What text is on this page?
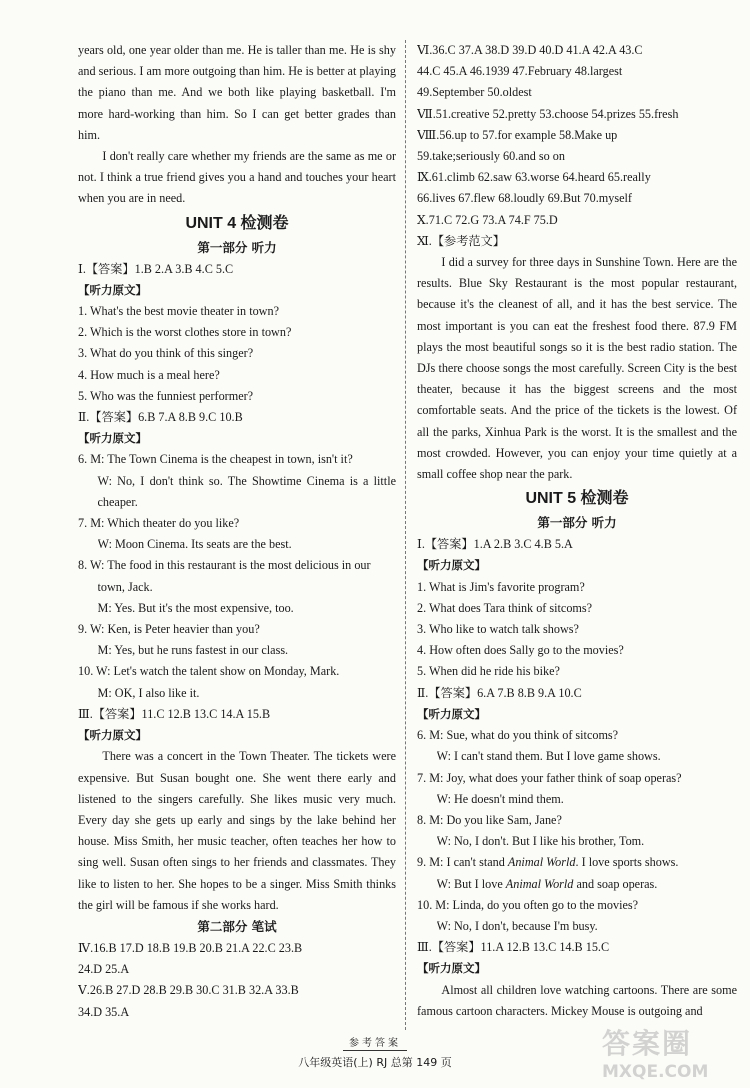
years old, one year older than me. He is taller than me. He is shy and serious. I am more outgoing than him. He is better at playing the piano than me. And we both like playing basketball. I'm more hard-working than him. So I can get better grades than him.
I don't really care whether my friends are the same as me or not. I think a true friend gives you a hand and touches your heart when you are in need.
UNIT 4 检测卷
第一部分 听力
Ⅰ.【答案】1.B 2.A 3.B 4.C 5.C
【听力原文】
1. What's the best movie theater in town?
2. Which is the worst clothes store in town?
3. What do you think of this singer?
4. How much is a meal here?
5. Who was the funniest performer?
Ⅱ.【答案】6.B 7.A 8.B 9.C 10.B
【听力原文】
6. M: The Town Cinema is the cheapest in town, isn't it?
W: No, I don't think so. The Showtime Cinema is a little cheaper.
7. M: Which theater do you like?
W: Moon Cinema. Its seats are the best.
8. W: The food in this restaurant is the most delicious in our
town, Jack.
M: Yes. But it's the most expensive, too.
9. W: Ken, is Peter heavier than you?
M: Yes, but he runs fastest in our class.
10. W: Let's watch the talent show on Monday, Mark.
M: OK, I also like it.
Ⅲ.【答案】11.C 12.B 13.C 14.A 15.B
【听力原文】
There was a concert in the Town Theater. The tickets were expensive. But Susan bought one. She went there early and listened to the singers carefully. She likes music very much. Every day she gets up early and sings by the lake behind her house. Miss Smith, her music teacher, often teaches her how to sing well. Susan often sings to her friends and classmates. They like to listen to her. She hopes to be a singer. Miss Smith thinks the girl will be famous if she works hard.
第二部分 笔试
Ⅳ.16.B 17.D 18.B 19.B 20.B 21.A 22.C 23.B
24.D 25.A
Ⅴ.26.B 27.D 28.B 29.B 30.C 31.B 32.A 33.B
34.D 35.A
Ⅵ.36.C 37.A 38.D 39.D 40.D 41.A 42.A 43.C
44.C 45.A 46.1939 47.February 48.largest
49.September 50.oldest
Ⅶ.51.creative 52.pretty 53.choose 54.prizes 55.fresh
Ⅷ.56.up to 57.for example 58.Make up
59.take;seriously 60.and so on
Ⅸ.61.climb 62.saw 63.worse 64.heard 65.really
66.lives 67.flew 68.loudly 69.But 70.myself
Ⅹ.71.C 72.G 73.A 74.F 75.D
Ⅺ.【参考范文】
I did a survey for three days in Sunshine Town. Here are the results. Blue Sky Restaurant is the most popular restaurant, because it's the cleanest of all, and it has the best service. The most important is you can eat the freshest food there. 87.9 FM plays the most beautiful songs so it is the best radio station. The DJs there choose songs the most carefully. Screen City is the best theater, because it has the biggest screens and the most comfortable seats. And the price of the tickets is the lowest. Of all the parks, Xinhua Park is the worst. It is the smallest and the most crowded. However, you can enjoy your time quietly at a small coffee shop near the park.
UNIT 5 检测卷
第一部分 听力
Ⅰ.【答案】1.A 2.B 3.C 4.B 5.A
【听力原文】
1. What is Jim's favorite program?
2. What does Tara think of sitcoms?
3. Who like to watch talk shows?
4. How often does Sally go to the movies?
5. When did he ride his bike?
Ⅱ.【答案】6.A 7.B 8.B 9.A 10.C
【听力原文】
6. M: Sue, what do you think of sitcoms?
W: I can't stand them. But I love game shows.
7. M: Joy, what does your father think of soap operas?
W: He doesn't mind them.
8. M: Do you like Sam, Jane?
W: No, I don't. But I like his brother, Tom.
9. M: I can't stand Animal World. I love sports shows.
W: But I love Animal World and soap operas.
10. M: Linda, do you often go to the movies?
W: No, I don't, because I'm busy.
Ⅲ.【答案】11.A 12.B 13.C 14.B 15.C
【听力原文】
Almost all children love watching cartoons. There are some famous cartoon characters. Mickey Mouse is outgoing and
参考答案
八年级英语(上) RJ 总第 149 页
答案圈
MXQE.COM
